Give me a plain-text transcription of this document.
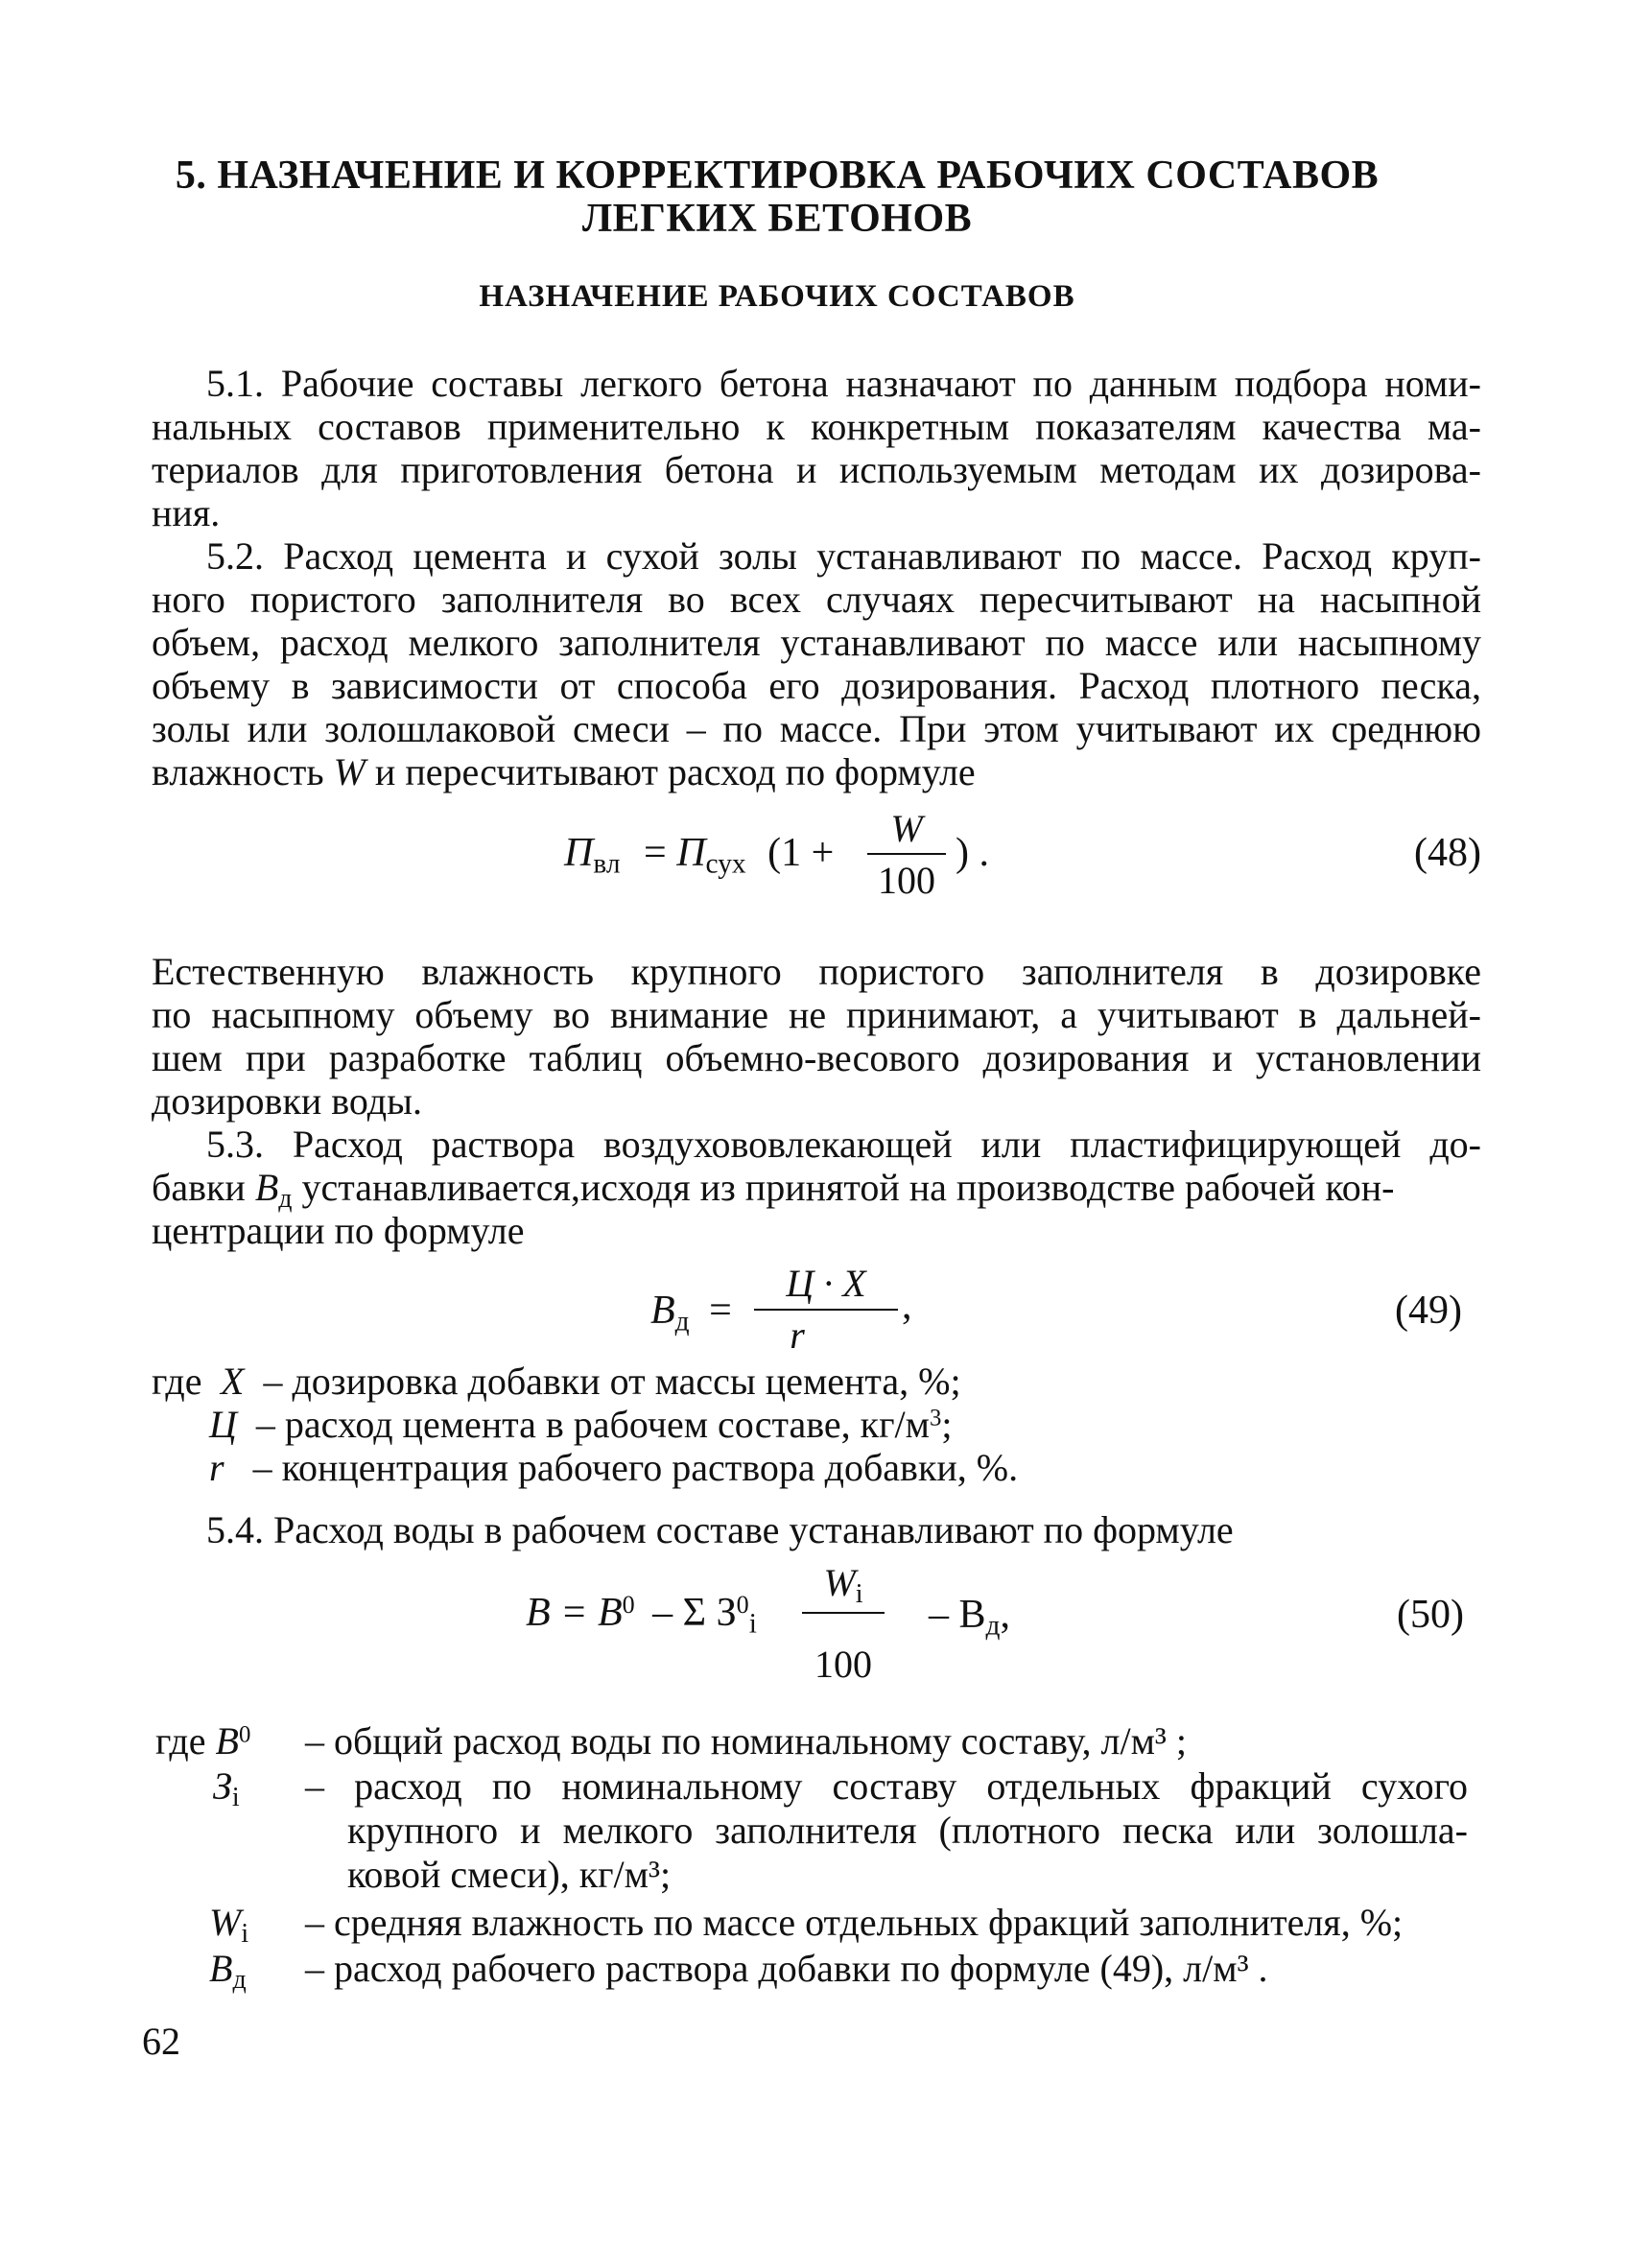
5. НАЗНАЧЕНИЕ И КОРРЕКТИРОВКА РАБОЧИХ СОСТАВОВ
ЛЕГКИХ БЕТОНОВ
НАЗНАЧЕНИЕ РАБОЧИХ СОСТАВОВ
5.1. Рабочие составы легкого бетона назначают по данным подбора номи-
нальных составов применительно к конкретным показателям качества ма-
териалов для приготовления бетона и используемым методам их дозирова-
ния.
5.2. Расход цемента и сухой золы устанавливают по массе. Расход круп-
ного пористого заполнителя во всех случаях пересчитывают на насыпной
объем, расход мелкого заполнителя устанавливают по массе или насыпному
объему в зависимости от способа его дозирования. Расход плотного песка,
золы или золошлаковой смеси – по массе. При этом учитывают их среднюю
влажность W и пересчитывают расход по формуле
$П_{вл} = П_{сух}$ (1 +
W
100
) .	(48)
Естественную влажность крупного пористого заполнителя в дозировке
по насыпному объему во внимание не принимают, а учитывают в дальней-
шем при разработке таблиц объемно-весового дозирования и установлении
дозировки воды.
5.3. Расход раствора воздухововлекающей или пластифицирующей до-
бавки $В_д$ устанавливается,исходя из принятой на производстве рабочей кон-
центрации по формуле
$В_д$ =
Ц · X
r
,	(49)
где X – дозировка добавки от массы цемента, %;
Ц – расход цемента в рабочем составе, $кг/м^3$;
r – концентрация рабочего раствора добавки, %.
5.4. Расход воды в рабочем составе устанавливают по формуле
$В = В^0 - \Sigma$ $З^0_i$
$W_i$
100
– $В_д$,	(50)
где $В^0$ – общий расход воды по номинальному составу, л/м³ ;
$З_i$ – расход по номинальному составу отдельных фракций сухого
крупного и мелкого заполнителя (плотного песка или золошла-
ковой смеси), кг/м³;
$W_i$ – средняя влажность по массе отдельных фракций заполнителя, %;
$В_д$ – расход рабочего раствора добавки по формуле (49), л/м³ .
62
